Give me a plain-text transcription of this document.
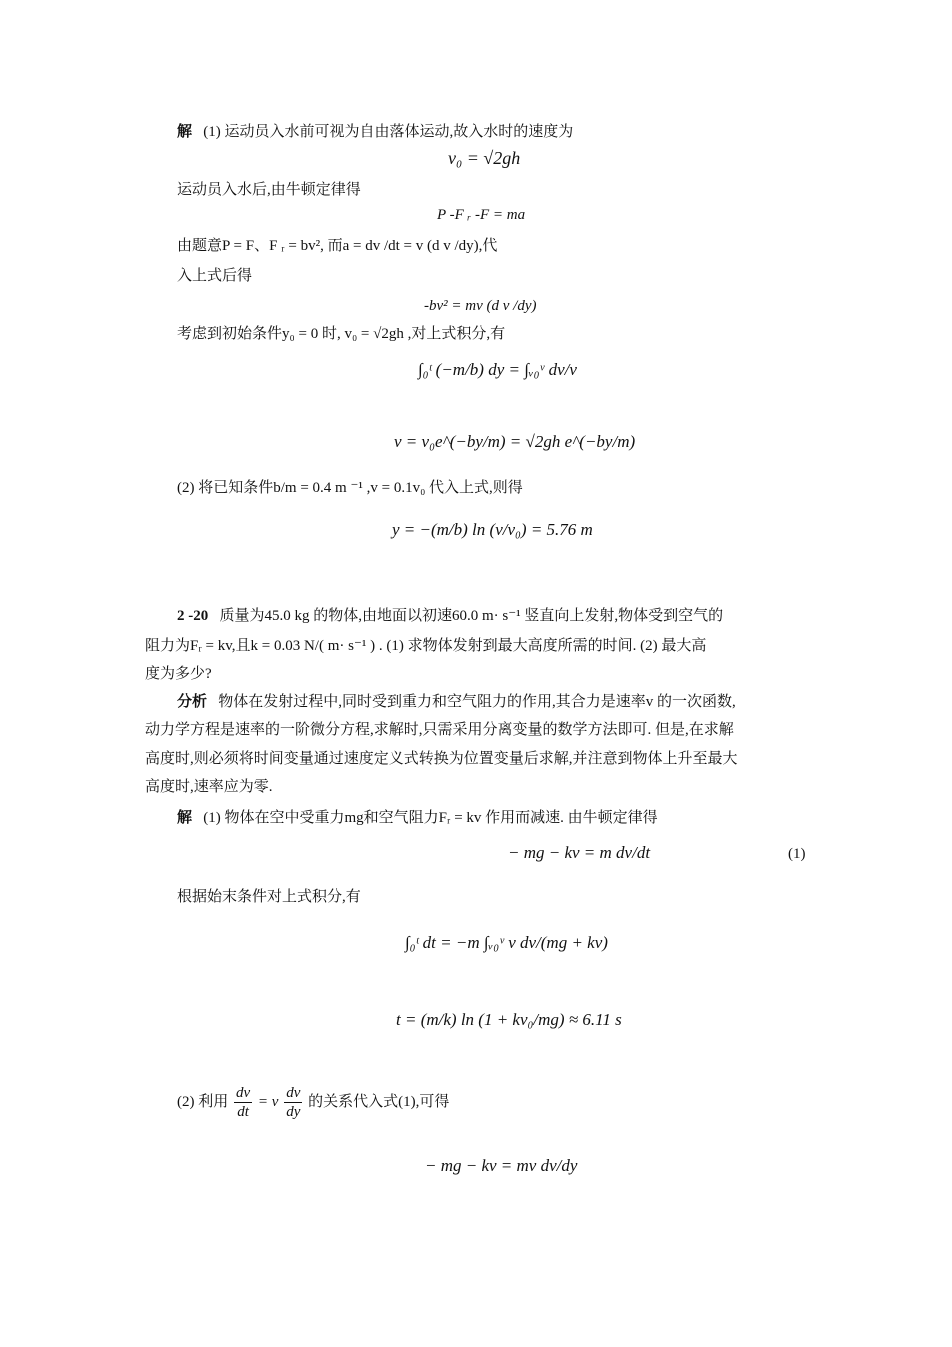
解 (1) 运动员入水前可视为自由落体运动,故入水时的速度为
v₀ = √2gh
运动员入水后,由牛顿定律得
P -F ᵣ -F = ma
由题意P = F、F ᵣ = bv², 而a = dv /dt = v (d v /dy),代
入上式后得
-bv² = mv (d v /dy)
考虑到初始条件y₀ = 0 时, v₀ = √2gh ,对上式积分,有
∫₀ᵗ (−m/b) dy = ∫ᵥ₀ᵛ dv/v
v = v₀e^(−by/m) = √2gh e^(−by/m)
(2) 将已知条件b/m = 0.4 m ⁻¹ ,v = 0.1v₀ 代入上式,则得
y = −(m/b) ln (v/v₀) = 5.76 m
2 -20 质量为45.0 kg 的物体,由地面以初速60.0 m· s⁻¹ 竖直向上发射,物体受到空气的
阻力为Fᵣ = kv,且k = 0.03 N/( m· s⁻¹ ) . (1) 求物体发射到最大高度所需的时间. (2) 最大高
度为多少?
分析 物体在发射过程中,同时受到重力和空气阻力的作用,其合力是速率v 的一次函数,
动力学方程是速率的一阶微分方程,求解时,只需采用分离变量的数学方法即可. 但是,在求解
高度时,则必须将时间变量通过速度定义式转换为位置变量后求解,并注意到物体上升至最大
高度时,速率应为零.
解 (1) 物体在空中受重力mg和空气阻力Fᵣ = kv 作用而减速. 由牛顿定律得
− mg − kv = m dv/dt	(1)
根据始末条件对上式积分,有
∫₀ᵗ dt = −m ∫ᵥ₀ᵛ v dv/(mg + kv)
t = (m/k) ln (1 + kv₀/mg) ≈ 6.11 s
(2) 利用 $\frac{dv}{dt} = v \frac{dv}{dy}$ 的关系代入式(1),可得
− mg − kv = mv dv/dy
